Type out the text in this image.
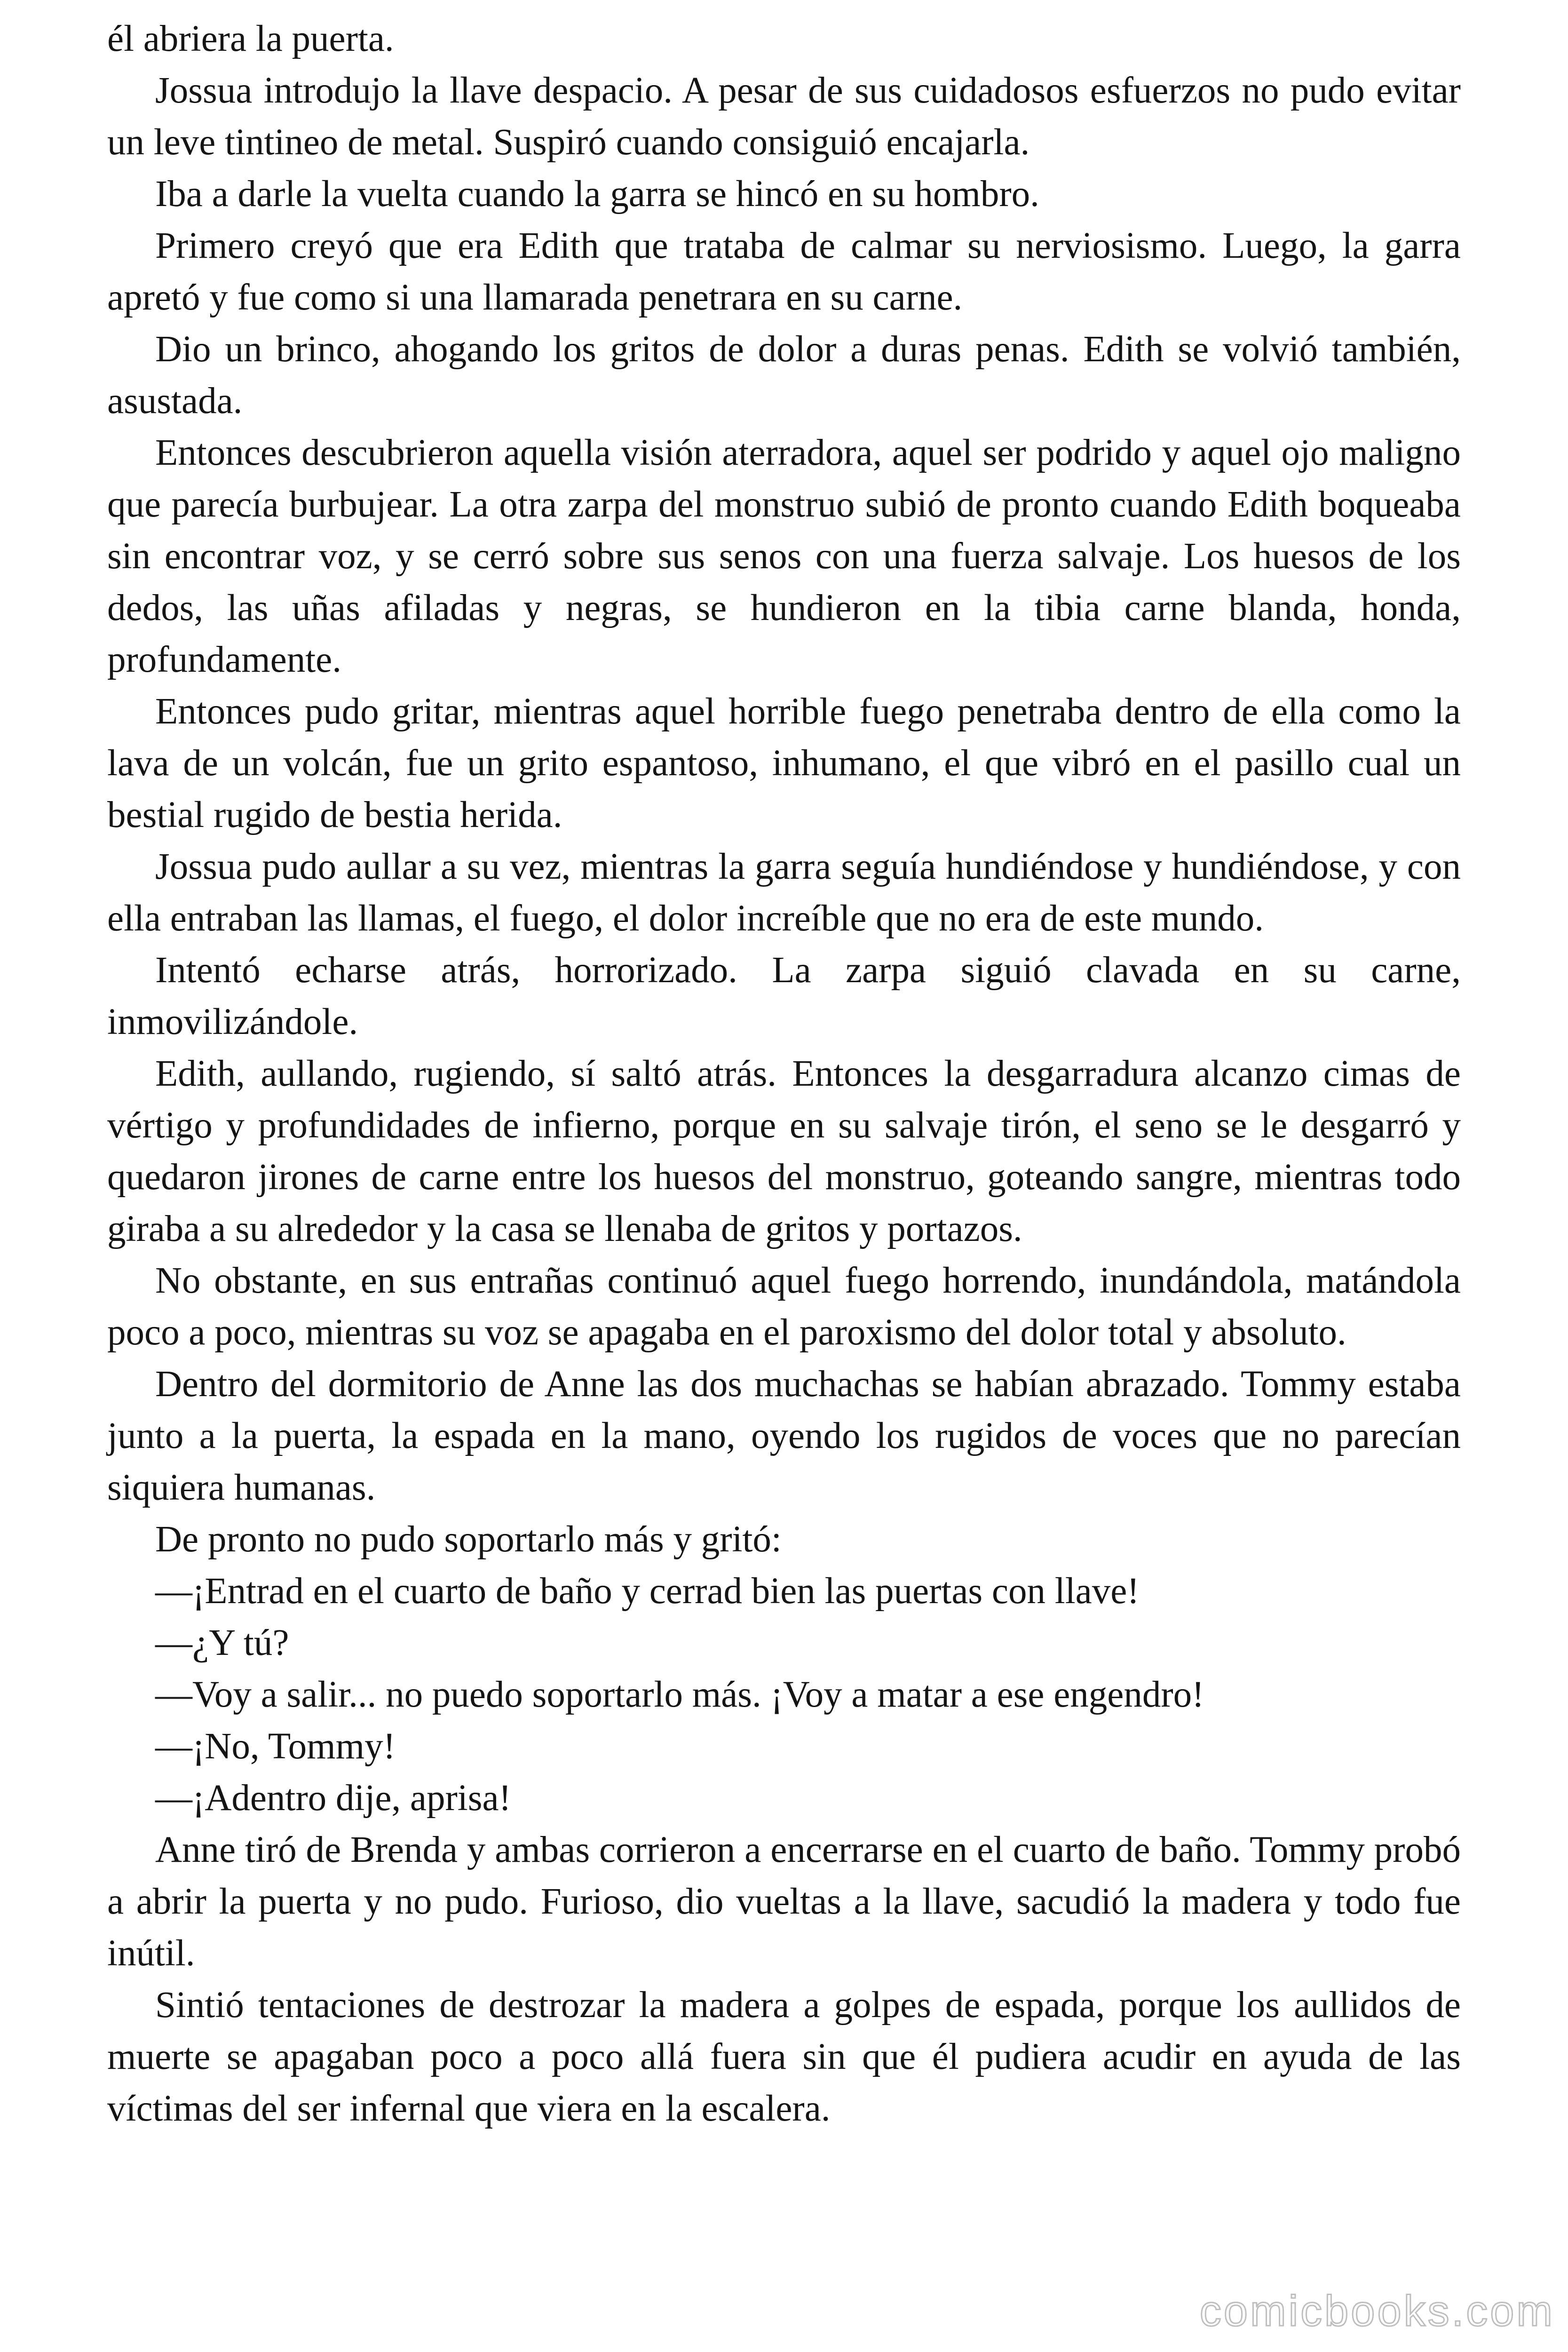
él abriera la puerta.

Jossua introdujo la llave despacio. A pesar de sus cuidadosos esfuerzos no pudo evitar un leve tintineo de metal. Suspiró cuando consiguió encajarla.

Iba a darle la vuelta cuando la garra se hincó en su hombro.

Primero creyó que era Edith que trataba de calmar su nerviosismo. Luego, la garra apretó y fue como si una llamarada penetrara en su carne.

Dio un brinco, ahogando los gritos de dolor a duras penas. Edith se volvió también, asustada.

Entonces descubrieron aquella visión aterradora, aquel ser podrido y aquel ojo maligno que parecía burbujear. La otra zarpa del monstruo subió de pronto cuando Edith boqueaba sin encontrar voz, y se cerró sobre sus senos con una fuerza salvaje. Los huesos de los dedos, las uñas afiladas y negras, se hundieron en la tibia carne blanda, honda, profundamente.

Entonces pudo gritar, mientras aquel horrible fuego penetraba dentro de ella como la lava de un volcán, fue un grito espantoso, inhumano, el que vibró en el pasillo cual un bestial rugido de bestia herida.

Jossua pudo aullar a su vez, mientras la garra seguía hundiéndose y hundiéndose, y con ella entraban las llamas, el fuego, el dolor increíble que no era de este mundo.

Intentó echarse atrás, horrorizado. La zarpa siguió clavada en su carne, inmovilizándole.

Edith, aullando, rugiendo, sí saltó atrás. Entonces la desgarradura alcanzo cimas de vértigo y profundidades de infierno, porque en su salvaje tirón, el seno se le desgarró y quedaron jirones de carne entre los huesos del monstruo, goteando sangre, mientras todo giraba a su alrededor y la casa se llenaba de gritos y portazos.

No obstante, en sus entrañas continuó aquel fuego horrendo, inundándola, matándola poco a poco, mientras su voz se apagaba en el paroxismo del dolor total y absoluto.

Dentro del dormitorio de Anne las dos muchachas se habían abrazado. Tommy estaba junto a la puerta, la espada en la mano, oyendo los rugidos de voces que no parecían siquiera humanas.

De pronto no pudo soportarlo más y gritó:

—¡Entrad en el cuarto de baño y cerrad bien las puertas con llave!

—¿Y tú?

—Voy a salir... no puedo soportarlo más. ¡Voy a matar a ese engendro!

—¡No, Tommy!

—¡Adentro dije, aprisa!

Anne tiró de Brenda y ambas corrieron a encerrarse en el cuarto de baño. Tommy probó a abrir la puerta y no pudo. Furioso, dio vueltas a la llave, sacudió la madera y todo fue inútil.

Sintió tentaciones de destrozar la madera a golpes de espada, porque los aullidos de muerte se apagaban poco a poco allá fuera sin que él pudiera acudir en ayuda de las víctimas del ser infernal que viera en la escalera.

comicbooks.com
